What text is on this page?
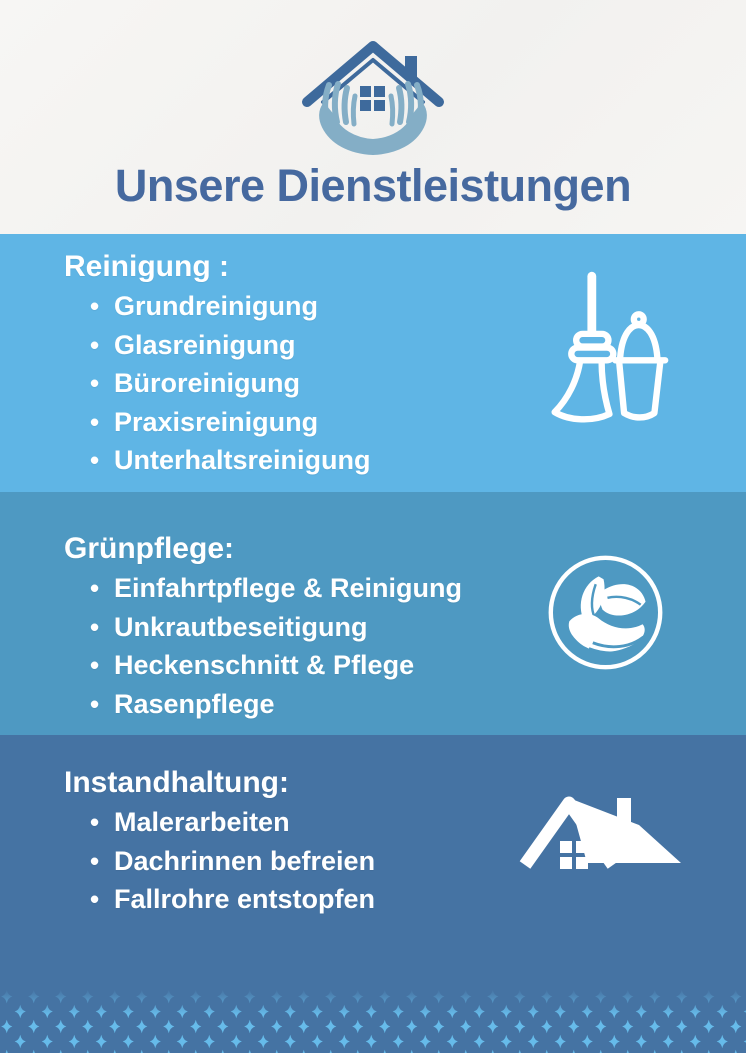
Unsere Dienstleistungen
Reinigung :
• Grundreinigung
• Glasreinigung
• Büroreinigung
• Praxisreinigung
• Unterhaltsreinigung
Grünpflege:
• Einfahrtpflege & Reinigung
• Unkrautbeseitigung
• Heckenschnitt & Pflege
• Rasenpflege
Instandhaltung:
• Malerarbeiten
• Dachrinnen befreien
• Fallrohre entstopfen
